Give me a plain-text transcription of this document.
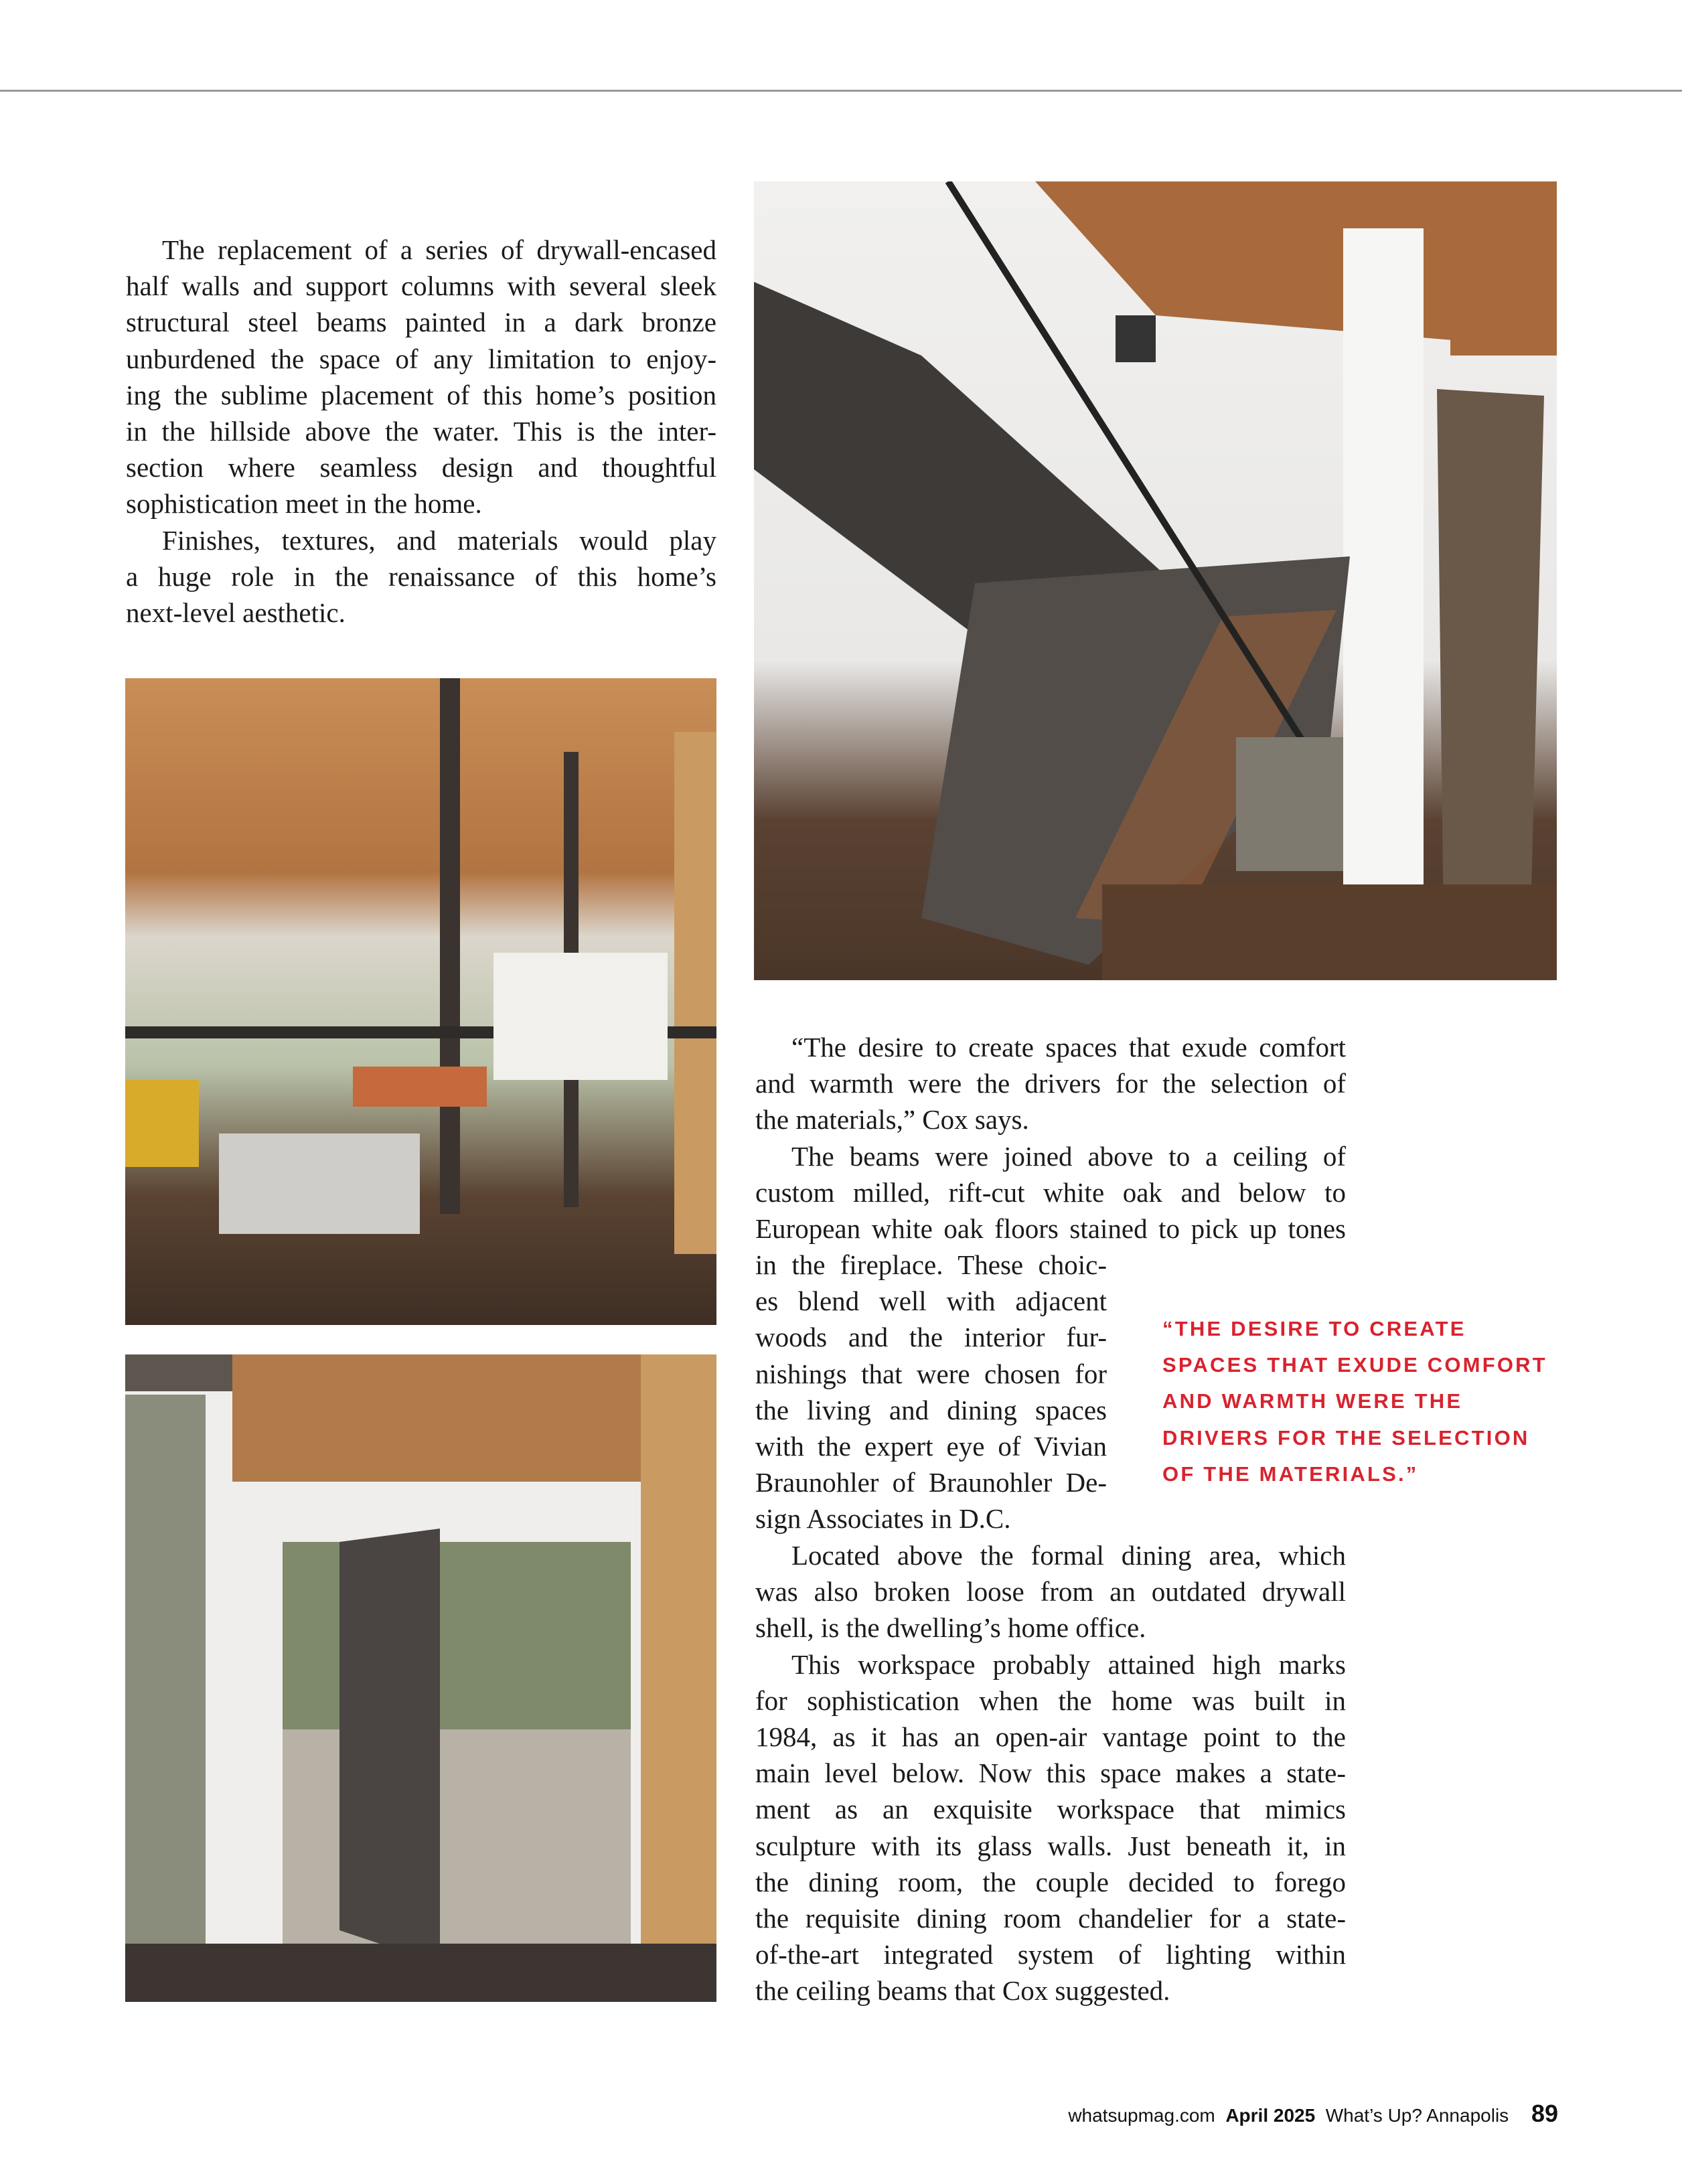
The replacement of a series of drywall-encased
half walls and support columns with several sleek
structural steel beams painted in a dark bronze
unburdened the space of any limitation to enjoy-
ing the sublime placement of this home’s position
in the hillside above the water. This is the inter-
section where seamless design and thoughtful
sophistication meet in the home.
Finishes, textures, and materials would play
a huge role in the renaissance of this home’s
next-level aesthetic.
“The desire to create spaces that exude comfort
and warmth were the drivers for the selection of
the materials,” Cox says.
The beams were joined above to a ceiling of
custom milled, rift-cut white oak and below to
European white oak floors stained to pick up tones
in the fireplace. These choic-
es blend well with adjacent
woods and the interior fur-
nishings that were chosen for
the living and dining spaces
with the expert eye of Vivian
Braunohler of Braunohler De-
sign Associates in D.C.
Located above the formal dining area, which
was also broken loose from an outdated drywall
shell, is the dwelling’s home office.
This workspace probably attained high marks
for sophistication when the home was built in
1984, as it has an open-air vantage point to the
main level below. Now this space makes a state-
ment as an exquisite workspace that mimics
sculpture with its glass walls. Just beneath it, in
the dining room, the couple decided to forego
the requisite dining room chandelier for a state-
of-the-art integrated system of lighting within
the ceiling beams that Cox suggested.
“THE DESIRE TO CREATE
SPACES THAT EXUDE COMFORT
AND WARMTH WERE THE
DRIVERS FOR THE SELECTION
OF THE MATERIALS.”
whatsupmag.com April 2025 What’s Up? Annapolis 89
